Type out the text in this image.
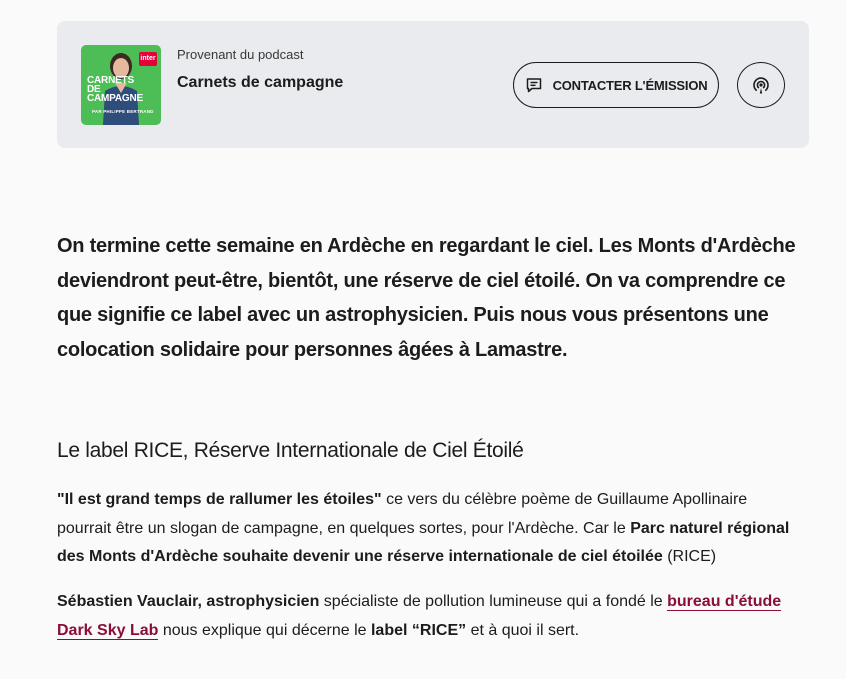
inter
CARNETS
DE
CAMPAGNE
PAR PHILIPPE BERTRAND
Provenant du podcast
Carnets de campagne	CONTACTER L'ÉMISSION

On termine cette semaine en Ardèche en regardant le ciel. Les Monts d'Ardèche deviendront peut-être, bientôt, une réserve de ciel étoilé. On va comprendre ce que signifie ce label avec un astrophysicien. Puis nous vous présentons une colocation solidaire pour personnes âgées à Lamastre.

Le label RICE, Réserve Internationale de Ciel Étoilé

"Il est grand temps de rallumer les étoiles" ce vers du célèbre poème de Guillaume Apollinaire pourrait être un slogan de campagne, en quelques sortes, pour l'Ardèche. Car le Parc naturel régional des Monts d'Ardèche souhaite devenir une réserve internationale de ciel étoilée (RICE)

Sébastien Vauclair, astrophysicien spécialiste de pollution lumineuse qui a fondé le bureau d'étude Dark Sky Lab nous explique qui décerne le label “RICE” et à quoi il sert.
